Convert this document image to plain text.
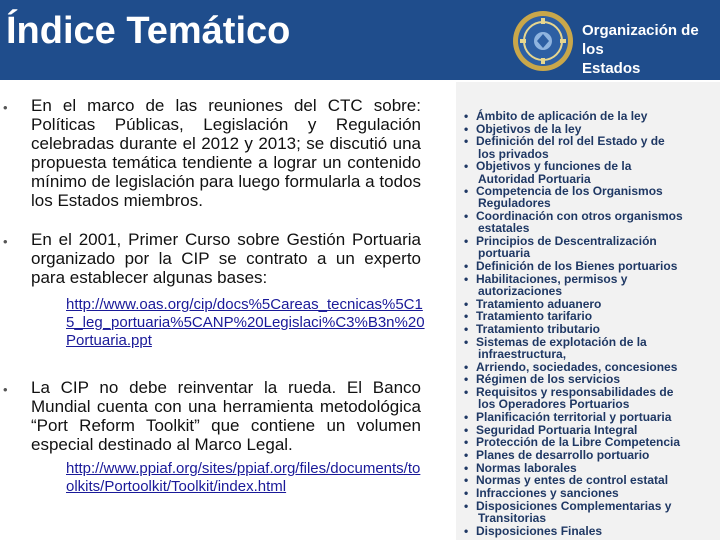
Índice Temático	Organización de los
Estados
•	En el marco de las reuniones del CTC sobre: Políticas Públicas, Legislación y Regulación celebradas durante el 2012 y 2013; se discutió una propuesta temática tendiente a lograr un contenido mínimo de legislación para luego formularla a todos los Estados miembros.
•	En el 2001, Primer Curso sobre Gestión Portuaria organizado por la CIP se contrato a un experto para establecer algunas bases:
http://www.oas.org/cip/docs%5Careas_tecnicas%5C15_leg_portuaria%5CANP%20Legislaci%C3%B3n%20Portuaria.ppt
•	La CIP no debe reinventar la rueda. El Banco Mundial cuenta con una herramienta metodológica “Port Reform Toolkit” que contiene un volumen especial destinado al Marco Legal.
http://www.ppiaf.org/sites/ppiaf.org/files/documents/toolkits/Portoolkit/Toolkit/index.html
• Ámbito de aplicación de la ley
• Objetivos de la ley
• Definición del rol del Estado y de
los privados
• Objetivos y funciones de la
Autoridad Portuaria
• Competencia de los Organismos
Reguladores
• Coordinación con otros organismos
estatales
• Principios de Descentralización
portuaria
• Definición de los Bienes portuarios
• Habilitaciones, permisos y
autorizaciones
• Tratamiento aduanero
• Tratamiento tarifario
• Tratamiento tributario
• Sistemas de explotación de la
infraestructura,
• Arriendo, sociedades, concesiones
• Régimen de los servicios
• Requisitos y responsabilidades de
los Operadores Portuarios
• Planificación territorial y portuaria
• Seguridad Portuaria Integral
• Protección de la Libre Competencia
• Planes de desarrollo portuario
• Normas laborales
• Normas y entes de control estatal
• Infracciones y sanciones
• Disposiciones Complementarias y
Transitorias
• Disposiciones Finales
